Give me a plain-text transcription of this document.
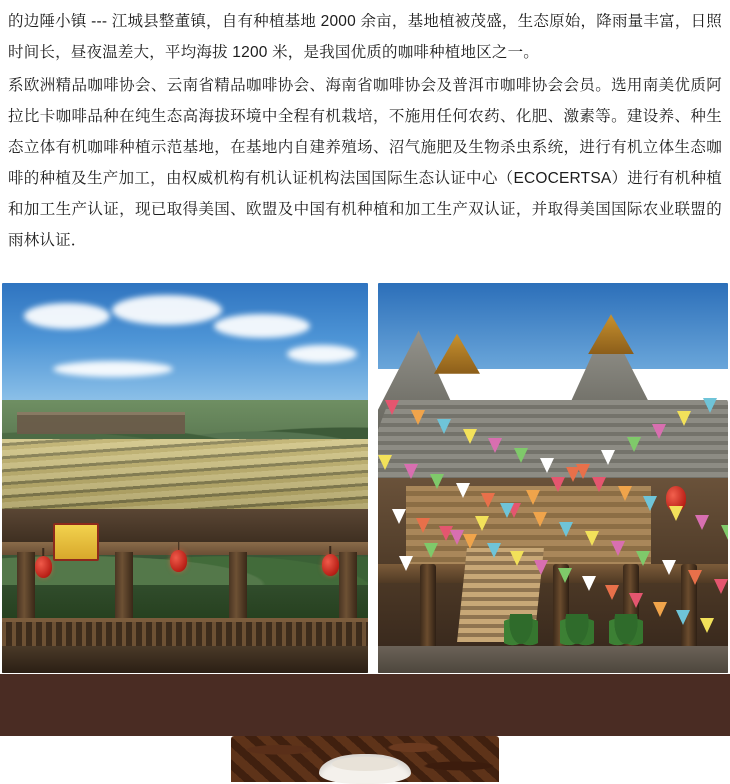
的边陲小镇 --- 江城县整董镇，自有种植基地 2000 余亩，基地植被茂盛，生态原始，降雨量丰富，日照时间长，昼夜温差大，平均海拔 1200 米，是我国优质的咖啡种植地区之一。

系欧洲精品咖啡协会、云南省精品咖啡协会、海南省咖啡协会及普洱市咖啡协会会员。选用南美优质阿拉比卡咖啡品种在纯生态高海拔环境中全程有机栽培，不施用任何农药、化肥、激素等。建设养、种生态立体有机咖啡种植示范基地，在基地内自建养殖场、沼气施肥及生物杀虫系统，进行有机立体生态咖啡的种植及生产加工，由权威机构有机认证机构法国国际生态认证中心（ECOCERTSA）进行有机种植和加工生产认证，现已取得美国、欧盟及中国有机种植和加工生产双认证，并取得美国国际农业联盟的雨林认证．
